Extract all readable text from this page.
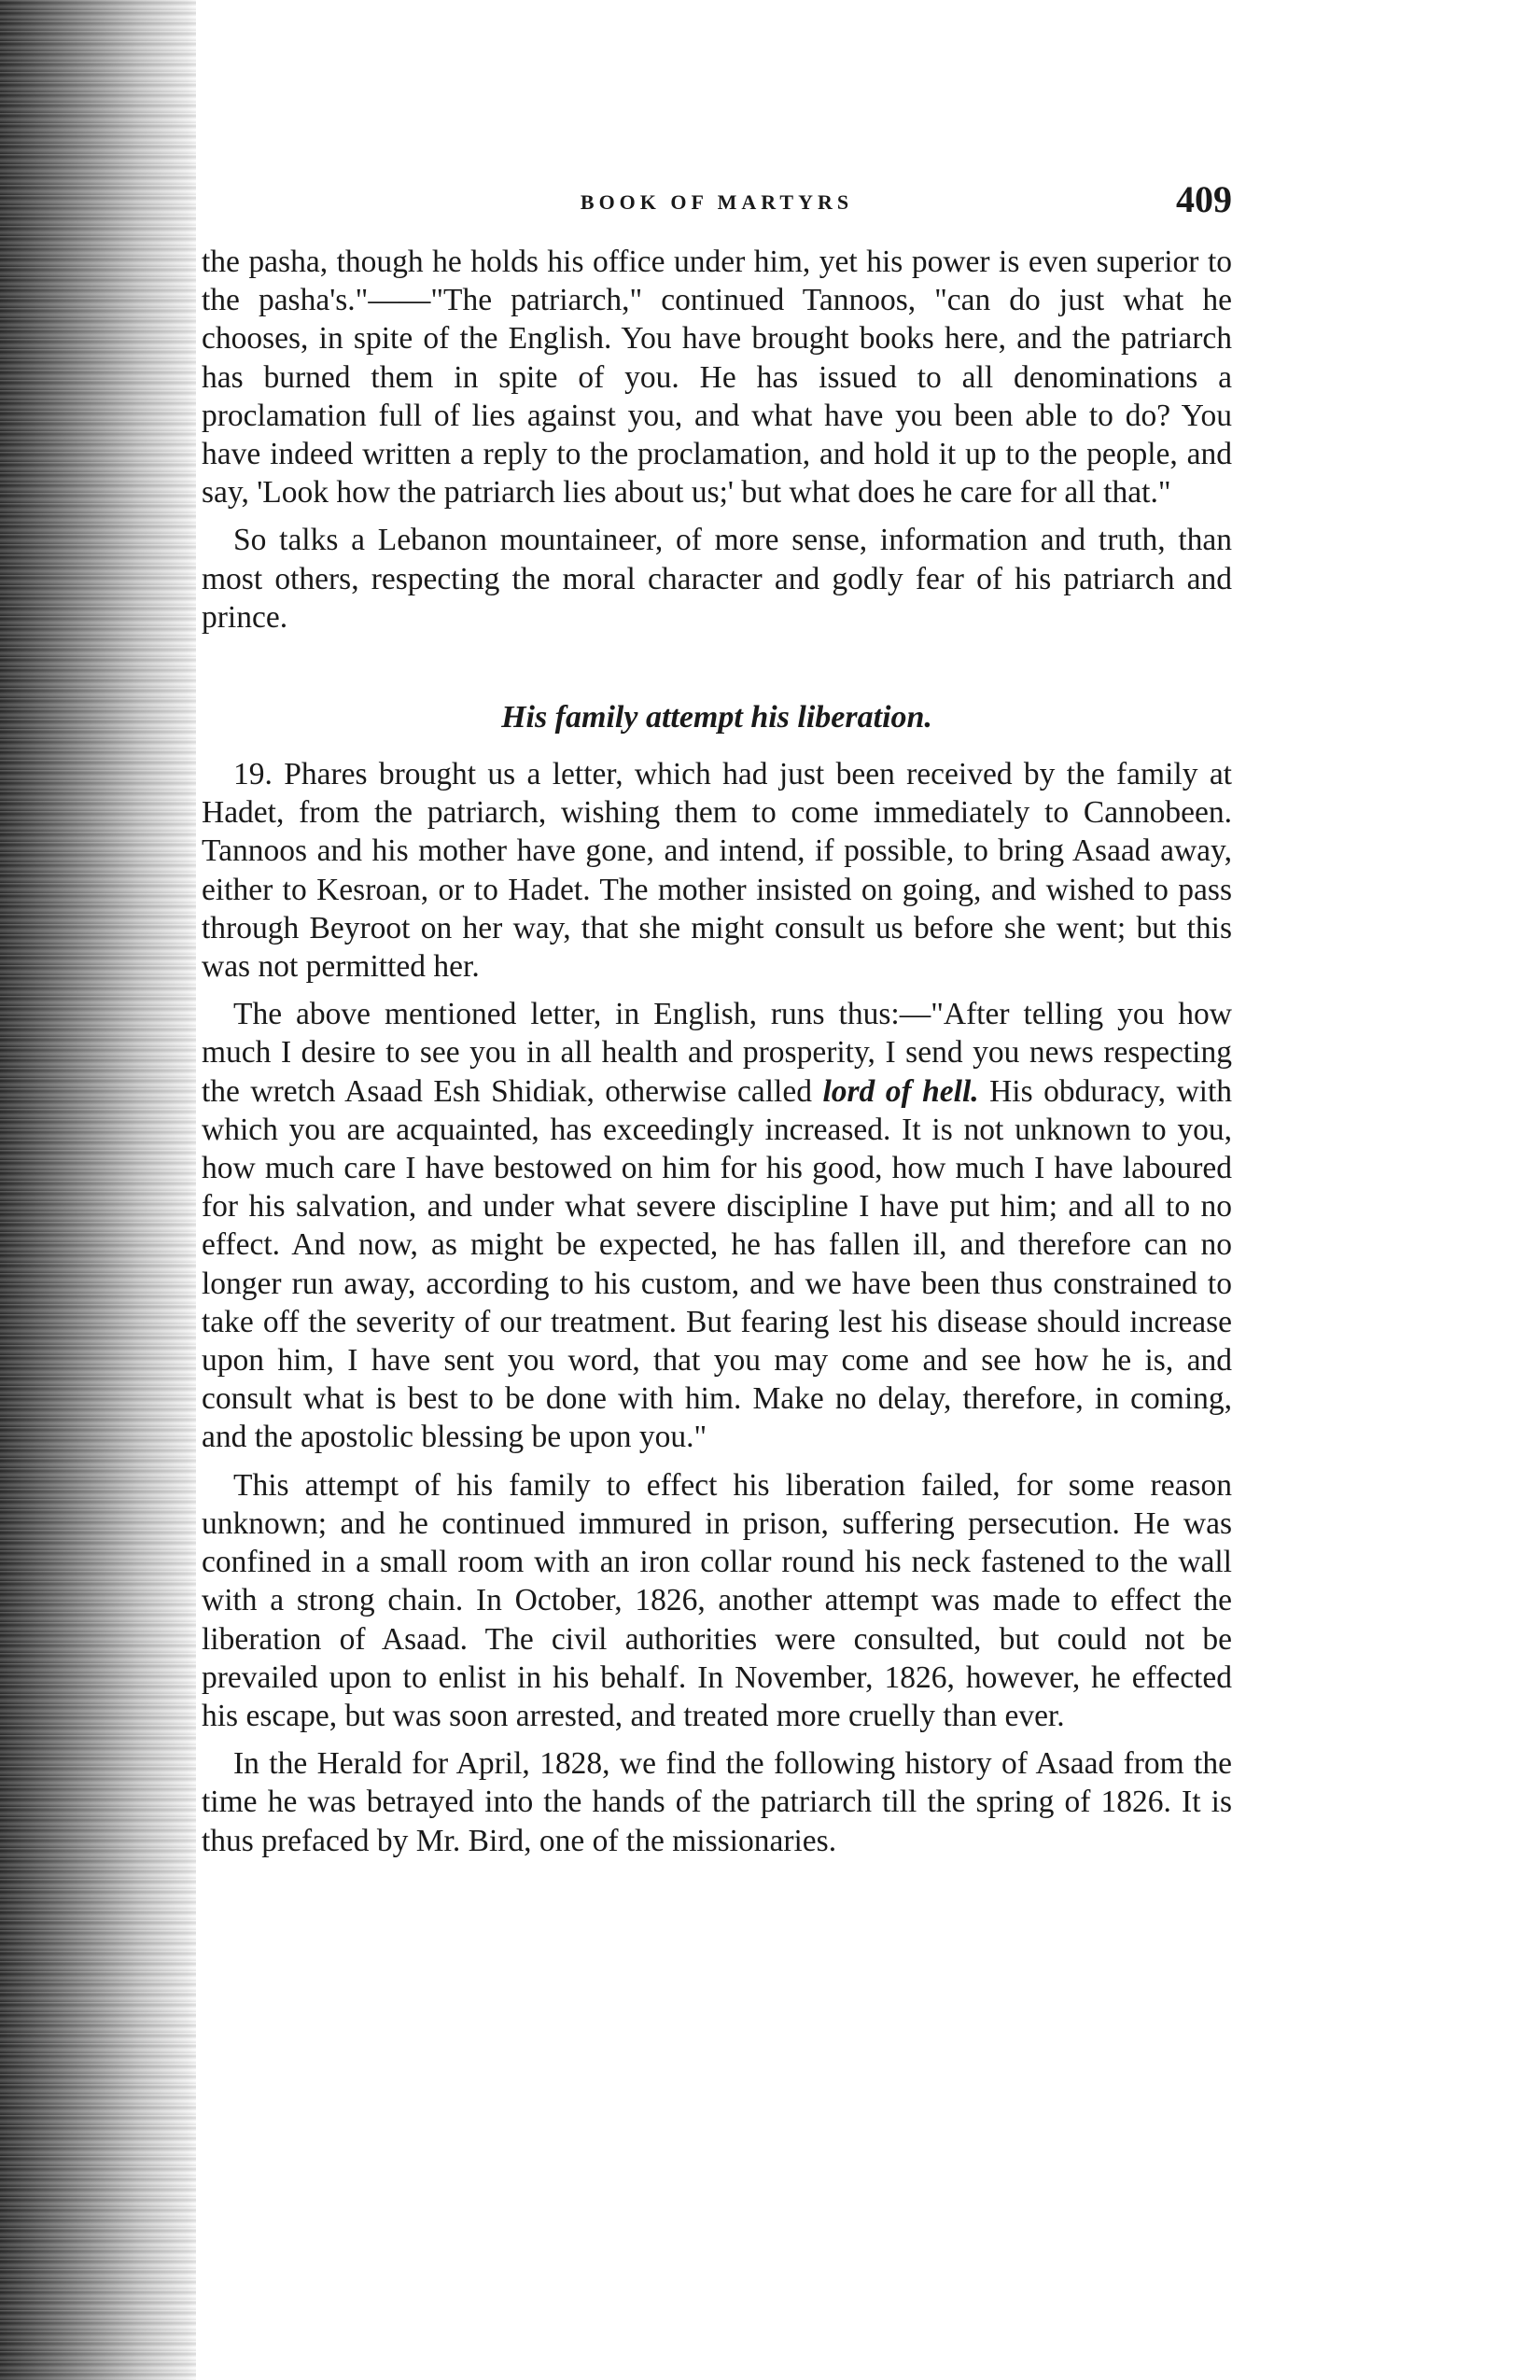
BOOK OF MARTYRS	409

the pasha, though he holds his office under him, yet his power is even superior to the pasha's."——"The patriarch," continued Tannoos, "can do just what he chooses, in spite of the English. You have brought books here, and the patriarch has burned them in spite of you. He has issued to all denominations a proclamation full of lies against you, and what have you been able to do? You have indeed written a reply to the proclamation, and hold it up to the people, and say, 'Look how the patriarch lies about us;' but what does he care for all that."

So talks a Lebanon mountaineer, of more sense, information and truth, than most others, respecting the moral character and godly fear of his patriarch and prince.

His family attempt his liberation.

19. Phares brought us a letter, which had just been received by the family at Hadet, from the patriarch, wishing them to come immediately to Cannobeen. Tannoos and his mother have gone, and intend, if possible, to bring Asaad away, either to Kesroan, or to Hadet. The mother insisted on going, and wished to pass through Beyroot on her way, that she might consult us before she went; but this was not permitted her.

The above mentioned letter, in English, runs thus:—"After telling you how much I desire to see you in all health and prosperity, I send you news respecting the wretch Asaad Esh Shidiak, otherwise called lord of hell. His obduracy, with which you are acquainted, has exceedingly increased. It is not unknown to you, how much care I have bestowed on him for his good, how much I have laboured for his salvation, and under what severe discipline I have put him; and all to no effect. And now, as might be expected, he has fallen ill, and therefore can no longer run away, according to his custom, and we have been thus constrained to take off the severity of our treatment. But fearing lest his disease should increase upon him, I have sent you word, that you may come and see how he is, and consult what is best to be done with him. Make no delay, therefore, in coming, and the apostolic blessing be upon you."

This attempt of his family to effect his liberation failed, for some reason unknown; and he continued immured in prison, suffering persecution. He was confined in a small room with an iron collar round his neck fastened to the wall with a strong chain. In October, 1826, another attempt was made to effect the liberation of Asaad. The civil authorities were consulted, but could not be prevailed upon to enlist in his behalf. In November, 1826, however, he effected his escape, but was soon arrested, and treated more cruelly than ever.

In the Herald for April, 1828, we find the following history of Asaad from the time he was betrayed into the hands of the patriarch till the spring of 1826. It is thus prefaced by Mr. Bird, one of the missionaries.
